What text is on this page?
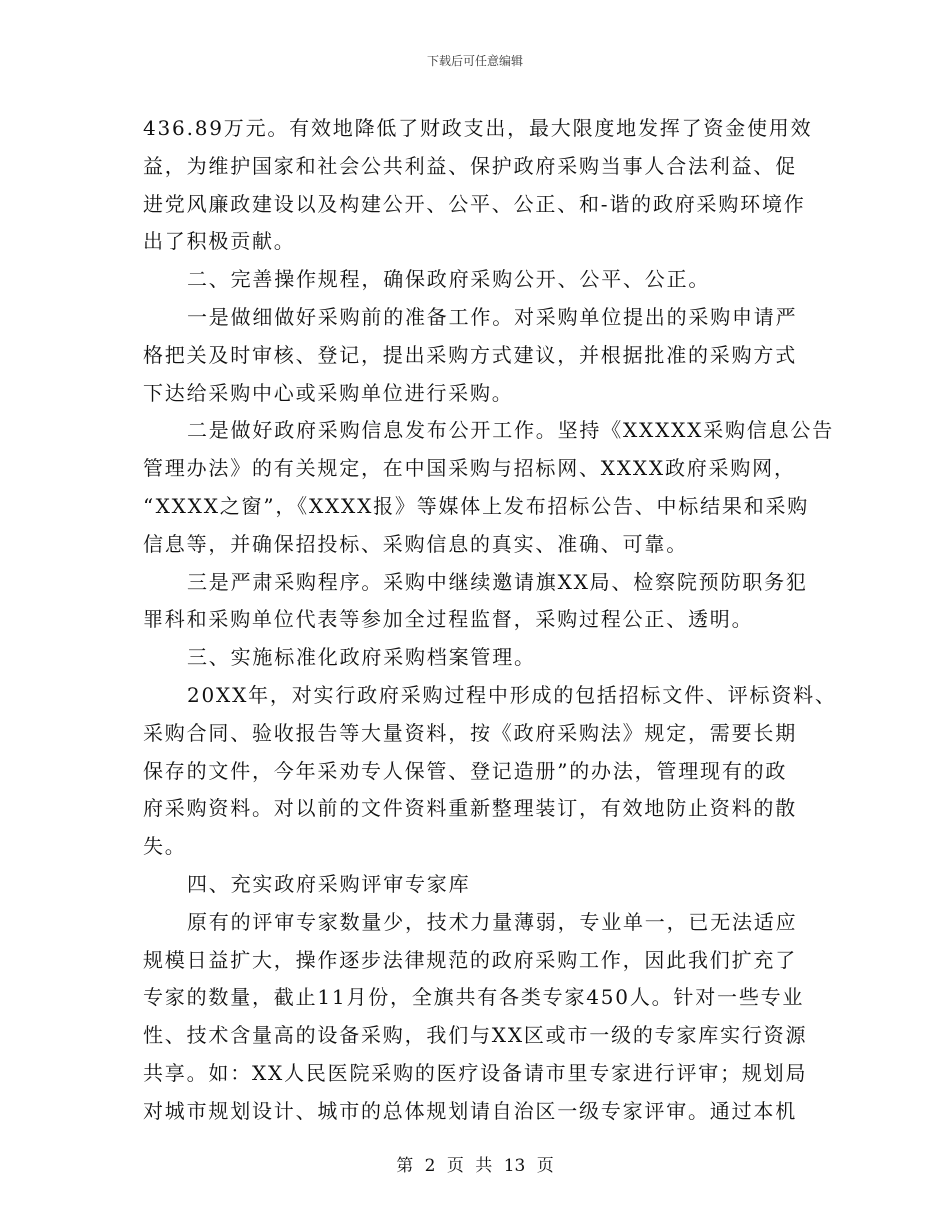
下载后可任意编辑
436.89万元。有效地降低了财政支出，最大限度地发挥了资金使用效
益，为维护国家和社会公共利益、保护政府采购当事人合法利益、促
进党风廉政建设以及构建公开、公平、公正、和-谐的政府采购环境作
出了积极贡献。
二、完善操作规程，确保政府采购公开、公平、公正。
一是做细做好采购前的准备工作。对采购单位提出的采购申请严
格把关及时审核、登记，提出采购方式建议，并根据批准的采购方式
下达给采购中心或采购单位进行采购。
二是做好政府采购信息发布公开工作。坚持《XXXXX采购信息公告
管理办法》的有关规定，在中国采购与招标网、XXXX政府采购网，
“XXXX之窗”，《XXXX报》等媒体上发布招标公告、中标结果和采购
信息等，并确保招投标、采购信息的真实、准确、可靠。
三是严肃采购程序。采购中继续邀请旗XX局、检察院预防职务犯
罪科和采购单位代表等参加全过程监督，采购过程公正、透明。
三、实施标准化政府采购档案管理。
20XX年，对实行政府采购过程中形成的包括招标文件、评标资料、
采购合同、验收报告等大量资料，按《政府采购法》规定，需要长期
保存的文件，今年采劝专人保管、登记造册”的办法，管理现有的政
府采购资料。对以前的文件资料重新整理装订，有效地防止资料的散
失。
四、充实政府采购评审专家库
原有的评审专家数量少，技术力量薄弱，专业单一，已无法适应
规模日益扩大，操作逐步法律规范的政府采购工作，因此我们扩充了
专家的数量，截止11月份，全旗共有各类专家450人。针对一些专业
性、技术含量高的设备采购，我们与XX区或市一级的专家库实行资源
共享。如：XX人民医院采购的医疗设备请市里专家进行评审；规划局
对城市规划设计、城市的总体规划请自治区一级专家评审。通过本机
第 2 页 共 13 页
